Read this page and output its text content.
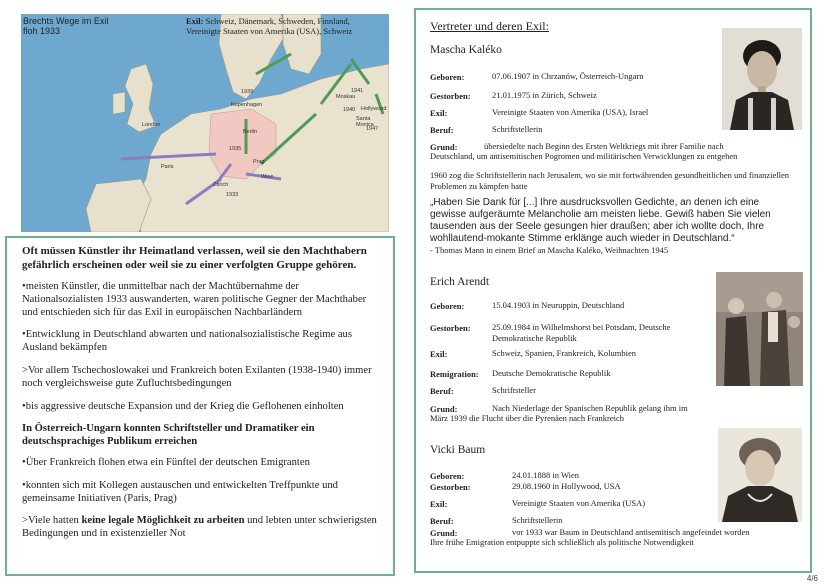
Brechts Wege im Exil
floh 1933
London
Paris
Zürich
Wien
Prag
Berlin
Kopenhagen
Moskau
Hollywood
Santa Monica
1940
1941
1947
1939
1935
1933
Exil: Schweiz, Dänemark, Schweden, Finnland, Vereinigte Staaten von Amerika (USA), Schweiz

Oft müssen Künstler ihr Heimatland verlassen, weil sie den Machthabern gefährlich erscheinen oder weil sie zu einer verfolgten Gruppe gehören.

•meisten Künstler, die unmittelbar nach der Machtübernahme der Nationalsozialisten 1933 auswanderten, waren politische Gegner der Machthaber und entschieden sich für das Exil in europäischen Nachbarländern

•Entwicklung in Deutschland abwarten und nationalsozialistische Regime aus Ausland bekämpfen

>Vor allem Tschechoslowakei und Frankreich boten Exilanten (1938-1940) immer noch vergleichsweise gute Zufluchtsbedingungen

•bis aggressive deutsche Expansion und der Krieg die Geflohenen einholten

In Österreich-Ungarn konnten Schriftsteller und Dramatiker ein deutschsprachiges Publikum erreichen

•Über Frankreich flohen etwa ein Fünftel der deutschen Emigranten

•konnten sich mit Kollegen austauschen und entwickelten Treffpunkte und gemeinsame Initiativen (Paris, Prag)

>Viele hatten keine legale Möglichkeit zu arbeiten und lebten unter schwierigsten Bedingungen und in existenzieller Not

Vertreter und deren Exil:
Mascha Kaléko
Geboren:	07.06.1907 in Chrzanów, Österreich-Ungarn
Gestorben:	21.01.1975 in Zürich, Schweiz
Exil:	Vereinigte Staaten von Amerika (USA), Israel
Beruf:	Schriftstellerin
Grund:	übersiedelte nach Beginn des Ersten Weltkriegs mit ihrer Familie nach
Deutschland, um antisemitischen Pogromen und militärischen Verwicklungen zu entgehen
1960 zog die Schriftstellerin nach Jerusalem, wo sie mit fortwährenden gesundheitlichen und finanziellen Problemen zu kämpfen hatte
„Haben Sie Dank für [...] Ihre ausdrucksvollen Gedichte, an denen ich eine gewisse aufgeräumte Melancholie am meisten liebe. Gewiß haben Sie vielen tausenden aus der Seele gesungen hier draußen; aber ich wollte doch, Ihre wohllautend-mokante Stimme erklänge auch wieder in Deutschland.“
- Thomas Mann in einem Brief an Mascha Kaléko, Weihnachten 1945
Erich Arendt
Geboren:	15.04.1903 in Neuruppin, Deutschland
Gestorben:	25.09.1984 in Wilhelmshorst bei Potsdam, Deutsche Demokratische Republik
Exil:	Schweiz, Spanien, Frankreich, Kolumbien
Remigration: Deutsche Demokratische Republik
Beruf:	Schriftsteller
Grund:	Nach Niederlage der Spanischen Republik gelang ihm im
März 1939 die Flucht über die Pyrenäen nach Frankreich
Vicki Baum
Geboren:	24.01.1888 in Wien
Gestorben:	29.08.1960 in Hollywood, USA
Exil:	Vereinigte Staaten von Amerika (USA)
Beruf:	Schriftstellerin
Grund:	vor 1933 war Baum in Deutschland antisemitisch angefeindet worden
Ihre frühe Emigration entpuppte sich schließlich als politische Notwendigkeit
4/6
